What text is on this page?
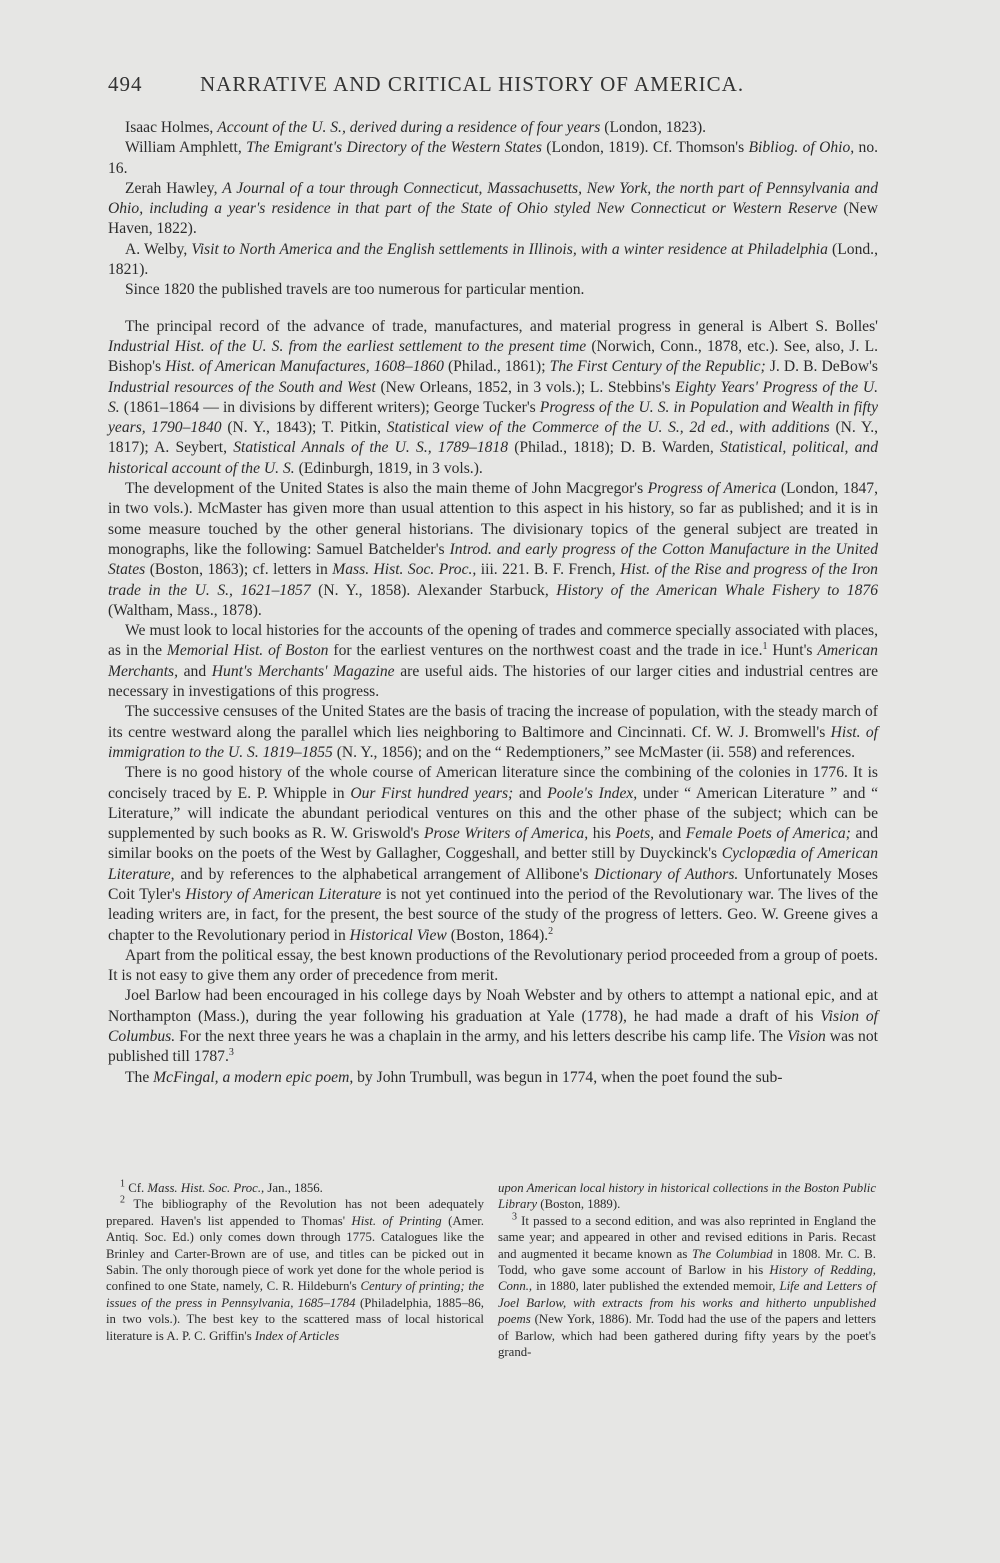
494	NARRATIVE AND CRITICAL HISTORY OF AMERICA.

Isaac Holmes, Account of the U. S., derived during a residence of four years (London, 1823).

William Amphlett, The Emigrant's Directory of the Western States (London, 1819). Cf. Thomson's Bibliog. of Ohio, no. 16.

Zerah Hawley, A Journal of a tour through Connecticut, Massachusetts, New York, the north part of Pennsylvania and Ohio, including a year's residence in that part of the State of Ohio styled New Connecticut or Western Reserve (New Haven, 1822).

A. Welby, Visit to North America and the English settlements in Illinois, with a winter residence at Philadelphia (Lond., 1821).

Since 1820 the published travels are too numerous for particular mention.

The principal record of the advance of trade, manufactures, and material progress in general is Albert S. Bolles' Industrial Hist. of the U. S. from the earliest settlement to the present time (Norwich, Conn., 1878, etc.). See, also, J. L. Bishop's Hist. of American Manufactures, 1608–1860 (Philad., 1861); The First Century of the Republic; J. D. B. DeBow's Industrial resources of the South and West (New Orleans, 1852, in 3 vols.); L. Stebbins's Eighty Years' Progress of the U. S. (1861–1864 — in divisions by different writers); George Tucker's Progress of the U. S. in Population and Wealth in fifty years, 1790–1840 (N. Y., 1843); T. Pitkin, Statistical view of the Commerce of the U. S., 2d ed., with additions (N. Y., 1817); A. Seybert, Statistical Annals of the U. S., 1789–1818 (Philad., 1818); D. B. Warden, Statistical, political, and historical account of the U. S. (Edinburgh, 1819, in 3 vols.).

The development of the United States is also the main theme of John Macgregor's Progress of America (London, 1847, in two vols.). McMaster has given more than usual attention to this aspect in his history, so far as published; and it is in some measure touched by the other general historians. The divisionary topics of the general subject are treated in monographs, like the following: Samuel Batchelder's Introd. and early progress of the Cotton Manufacture in the United States (Boston, 1863); cf. letters in Mass. Hist. Soc. Proc., iii. 221. B. F. French, Hist. of the Rise and progress of the Iron trade in the U. S., 1621–1857 (N. Y., 1858). Alexander Starbuck, History of the American Whale Fishery to 1876 (Waltham, Mass., 1878).

We must look to local histories for the accounts of the opening of trades and commerce specially associated with places, as in the Memorial Hist. of Boston for the earliest ventures on the northwest coast and the trade in ice.$^1$ Hunt's American Merchants, and Hunt's Merchants' Magazine are useful aids. The histories of our larger cities and industrial centres are necessary in investigations of this progress.

The successive censuses of the United States are the basis of tracing the increase of population, with the steady march of its centre westward along the parallel which lies neighboring to Baltimore and Cincinnati. Cf. W. J. Bromwell's Hist. of immigration to the U. S. 1819–1855 (N. Y., 1856); and on the “ Redemptioners,” see McMaster (ii. 558) and references.

There is no good history of the whole course of American literature since the combining of the colonies in 1776. It is concisely traced by E. P. Whipple in Our First hundred years; and Poole's Index, under “ American Literature ” and “ Literature,” will indicate the abundant periodical ventures on this and the other phase of the subject; which can be supplemented by such books as R. W. Griswold's Prose Writers of America, his Poets, and Female Poets of America; and similar books on the poets of the West by Gallagher, Coggeshall, and better still by Duyckinck's Cyclopædia of American Literature, and by references to the alphabetical arrangement of Allibone's Dictionary of Authors. Unfortunately Moses Coit Tyler's History of American Literature is not yet continued into the period of the Revolutionary war. The lives of the leading writers are, in fact, for the present, the best source of the study of the progress of letters. Geo. W. Greene gives a chapter to the Revolutionary period in Historical View (Boston, 1864).$^2$

Apart from the political essay, the best known productions of the Revolutionary period proceeded from a group of poets. It is not easy to give them any order of precedence from merit.

Joel Barlow had been encouraged in his college days by Noah Webster and by others to attempt a national epic, and at Northampton (Mass.), during the year following his graduation at Yale (1778), he had made a draft of his Vision of Columbus. For the next three years he was a chaplain in the army, and his letters describe his camp life. The Vision was not published till 1787.$^3$

The McFingal, a modern epic poem, by John Trumbull, was begun in 1774, when the poet found the sub-

$^1$ Cf. Mass. Hist. Soc. Proc., Jan., 1856.

$^2$ The bibliography of the Revolution has not been adequately prepared. Haven's list appended to Thomas' Hist. of Printing (Amer. Antiq. Soc. Ed.) only comes down through 1775. Catalogues like the Brinley and Carter-Brown are of use, and titles can be picked out in Sabin. The only thorough piece of work yet done for the whole period is confined to one State, namely, C. R. Hildeburn's Century of printing; the issues of the press in Pennsylvania, 1685–1784 (Philadelphia, 1885–86, in two vols.). The best key to the scattered mass of local historical literature is A. P. C. Griffin's Index of Articles

upon American local history in historical collections in the Boston Public Library (Boston, 1889).

$^3$ It passed to a second edition, and was also reprinted in England the same year; and appeared in other and revised editions in Paris. Recast and augmented it became known as The Columbiad in 1808. Mr. C. B. Todd, who gave some account of Barlow in his History of Redding, Conn., in 1880, later published the extended memoir, Life and Letters of Joel Barlow, with extracts from his works and hitherto unpublished poems (New York, 1886). Mr. Todd had the use of the papers and letters of Barlow, which had been gathered during fifty years by the poet's grand-
